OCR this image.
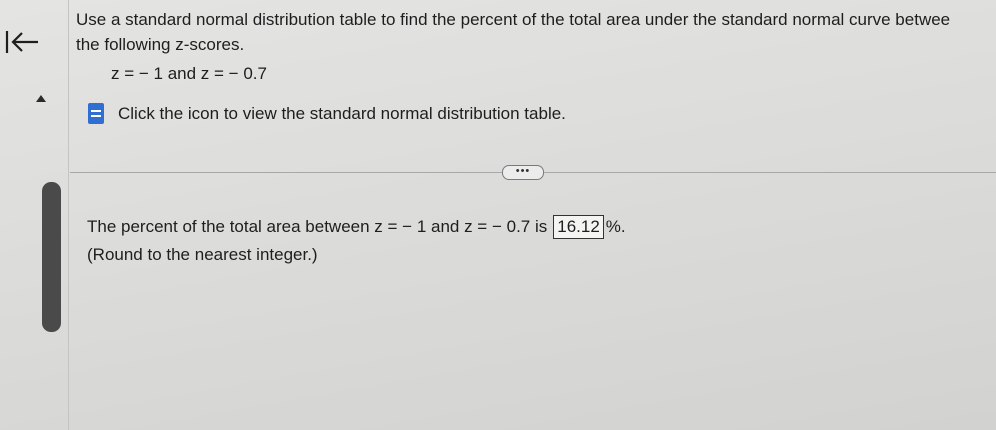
Use a standard normal distribution table to find the percent of the total area under the standard normal curve betwee
the following z-scores.
z = − 1 and z = − 0.7
Click the icon to view the standard normal distribution table.
•••
The percent of the total area between z = − 1 and z = − 0.7 is 16.12 %.
(Round to the nearest integer.)
